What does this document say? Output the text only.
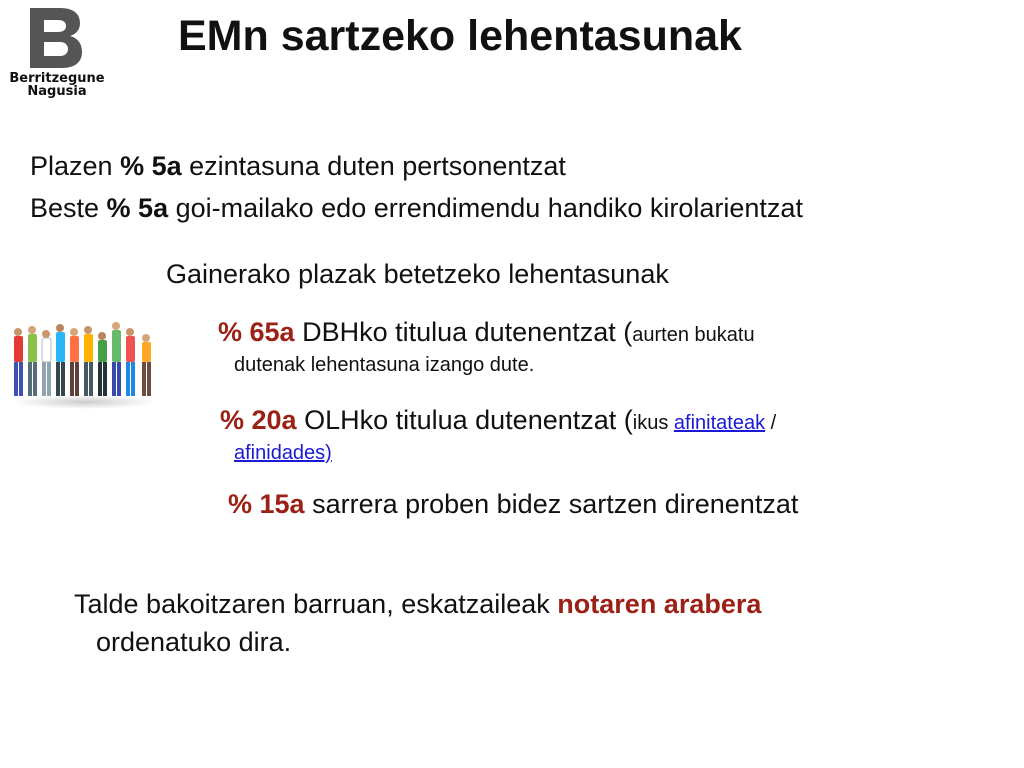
Berritzegune
Nagusia
EMn sartzeko lehentasunak
Plazen % 5a ezintasuna duten pertsonentzat
Beste % 5a goi-mailako edo errendimendu handiko kirolarientzat
Gainerako plazak betetzeko lehentasunak
% 65a DBHko titulua dutenentzat (aurten bukatu
dutenak lehentasuna izango dute.
% 20a OLHko titulua dutenentzat (ikus afinitateak /
afinidades)
% 15a sarrera proben bidez sartzen direnentzat
Talde bakoitzaren barruan, eskatzaileak notaren arabera
ordenatuko dira.
